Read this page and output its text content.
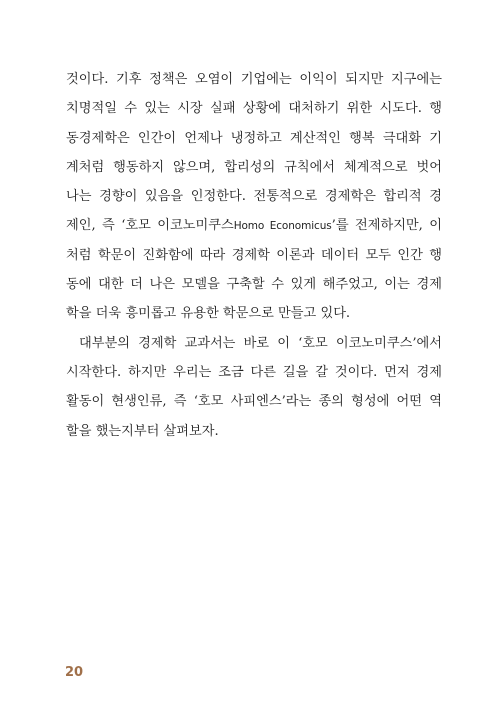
것이다. 기후 정책은 오염이 기업에는 이익이 되지만 지구에는
치명적일 수 있는 시장 실패 상황에 대처하기 위한 시도다. 행
동경제학은 인간이 언제나 냉정하고 계산적인 행복 극대화 기
계처럼 행동하지 않으며, 합리성의 규칙에서 체계적으로 벗어
나는 경향이 있음을 인정한다. 전통적으로 경제학은 합리적 경
제인, 즉 ‘호모 이코노미쿠스Homo Economicus’를 전제하지만, 이
처럼 학문이 진화함에 따라 경제학 이론과 데이터 모두 인간 행
동에 대한 더 나은 모델을 구축할 수 있게 해주었고, 이는 경제
학을 더욱 흥미롭고 유용한 학문으로 만들고 있다.
대부분의 경제학 교과서는 바로 이 ‘호모 이코노미쿠스’에서
시작한다. 하지만 우리는 조금 다른 길을 갈 것이다. 먼저 경제
활동이 현생인류, 즉 ‘호모 사피엔스’라는 종의 형성에 어떤 역
할을 했는지부터 살펴보자.
20
